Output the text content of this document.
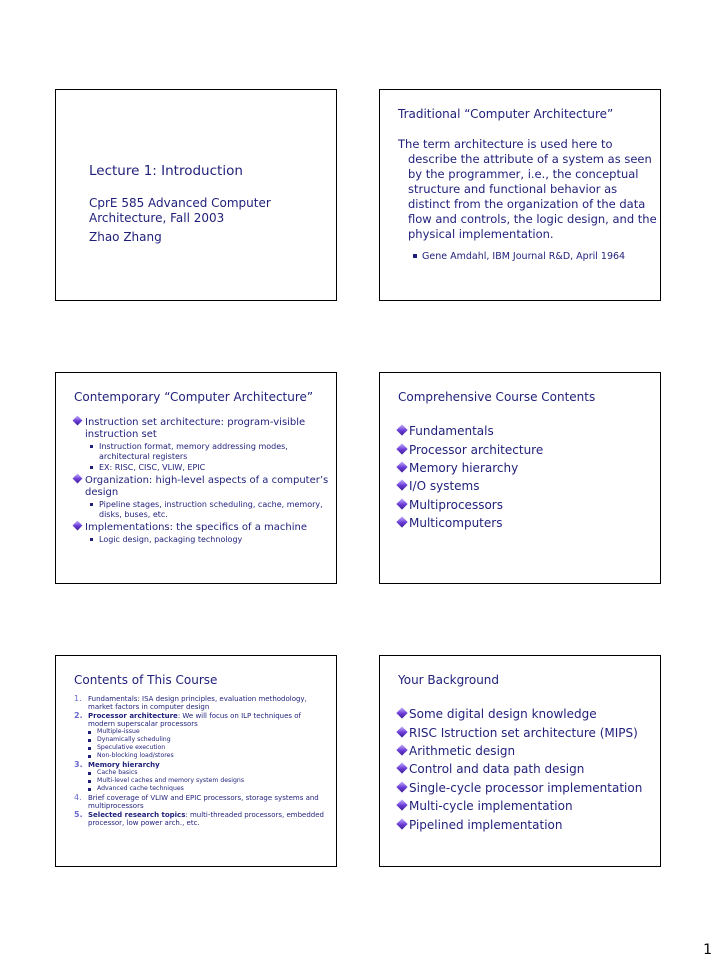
Lecture 1: Introduction
CprE 585 Advanced Computer
Architecture, Fall 2003
Zhao Zhang
Traditional “Computer Architecture”
The term architecture is used here to describe the attribute of a system as seen by the programmer, i.e., the conceptual structure and functional behavior as distinct from the organization of the data flow and controls, the logic design, and the physical implementation.
Gene Amdahl, IBM Journal R&D, April 1964
Contemporary “Computer Architecture”
Instruction set architecture: program-visible instruction set
Instruction format, memory addressing modes, architectural registers
EX: RISC, CISC, VLIW, EPIC
Organization: high-level aspects of a computer’s design
Pipeline stages, instruction scheduling, cache, memory, disks, buses, etc.
Implementations: the specifics of a machine
Logic design, packaging technology
Comprehensive Course Contents
Fundamentals
Processor architecture
Memory hierarchy
I/O systems
Multiprocessors
Multicomputers
Contents of This Course
1. Fundamentals: ISA design principles, evaluation methodology, market factors in computer design
2. Processor architecture: We will focus on ILP techniques of modern superscalar processors
Multiple-issue
Dynamically scheduling
Speculative execution
Non-blocking load/stores
3. Memory hierarchy
Cache basics
Multi-level caches and memory system designs
Advanced cache techniques
4. Brief coverage of VLIW and EPIC processors, storage systems and multiprocessors
5. Selected research topics: multi-threaded processors, embedded processor, low power arch., etc.
Your Background
Some digital design knowledge
RISC Istruction set architecture (MIPS)
Arithmetic design
Control and data path design
Single-cycle processor implementation
Multi-cycle implementation
Pipelined implementation
1
